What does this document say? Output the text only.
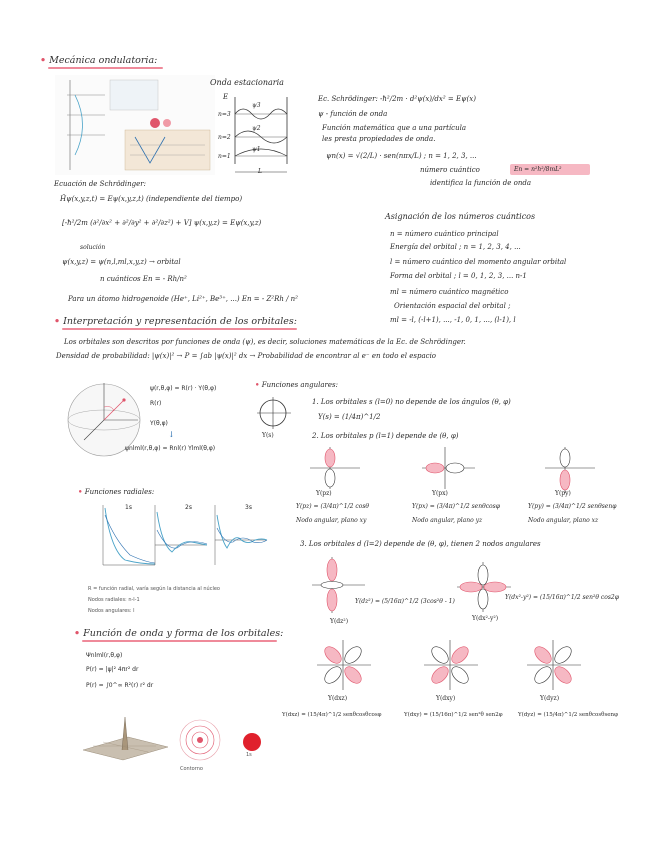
• Mecánica ondulatoria:
Onda estacionaria
E
n=3
n=2
n=1
ψ3
ψ2
ψ1
L
Ec. Schrödinger: -ħ²/2m · d²ψ(x)/dx² = Eψ(x)
ψ - función de onda
Función matemática que a una partícula
les presta propiedades de onda.
ψn(x) = √(2/L) · sen(nπx/L) ; n = 1, 2, 3, ...
número cuántico	En = n²h²/8mL²
identifica la función de onda
Ecuación de Schrödinger:
Ĥψ(x,y,z,t) = Eψ(x,y,z,t) (independiente del tiempo)
[-ħ²/2m (∂²/∂x² + ∂²/∂y² + ∂²/∂z²) + V] ψ(x,y,z) = Eψ(x,y,z)
solución
ψ(x,y,z) = ψ(n,l,ml,x,y,z) → orbital
n cuánticos En = - Rh/n²
Para un átomo hidrogenoide (He⁺, Li²⁺, Be³⁺, ...) En = - Z²Rh / n²
Asignación de los números cuánticos
n = número cuántico principal
Energía del orbital ; n = 1, 2, 3, 4, ...
l = número cuántico del momento angular orbital
Forma del orbital ; l = 0, 1, 2, 3, ... n-1
ml = número cuántico magnético
Orientación espacial del orbital ;
ml = -l, (-l+1), ..., -1, 0, 1, ..., (l-1), l
• Interpretación y representación de los orbitales:
Los orbitales son descritos por funciones de onda (ψ), es decir, soluciones matemáticas de la Ec. de Schrödinger.
Densidad de probabilidad: |ψ(x)|² → P = ∫ab |ψ(x)|² dx → Probabilidad de encontrar al e⁻ en todo el espacio
ψ(r,θ,φ) = R(r) · Y(θ,φ)
R(r)
Y(θ,φ)
ψnlml(r,θ,φ) = Rnl(r) Ylml(θ,φ)
↓
• Funciones radiales:
1s	2s	3s
R = función radial, varía según la distancia al núcleo
Nodos radiales: n-l-1
Nodos angulares: l
• Función de onda y forma de los orbitales:
Ψnlml(r,θ,φ)
P(r) = |ψ|² 4πr² dr
P(r) = ∫0^∞ R²(r) r² dr
Contorno
1s
• Funciones angulares:
Y(s)
1. Los orbitales s (l=0) no depende de los ángulos (θ, φ)
Y(s) = (1/4π)^1/2
2. Los orbitales p (l=1) depende de (θ, φ)
Y(pz)	Y(px)	Y(py)
Y(pz) = (3/4π)^1/2 cosθ	Y(px) = (3/4π)^1/2 senθcosφ	Y(py) = (3/4π)^1/2 senθsenφ
Nodo angular, plano xy	Nodo angular, plano yz	Nodo angular, plano xz
3. Los orbitales d (l=2) depende de (θ, φ), tienen 2 nodos angulares
Y(dz²)	Y(dx²-y²)
Y(dz²) = (5/16π)^1/2 (3cos²θ - 1)
Y(dx²-y²) = (15/16π)^1/2 sen²θ cos2φ
Y(dxz)	Y(dxy)	Y(dyz)
Y(dxz) = (15/4π)^1/2 senθcosθcosφ	Y(dxy) = (15/16π)^1/2 sen²θ sen2φ	Y(dyz) = (15/4π)^1/2 senθcosθsenφ
